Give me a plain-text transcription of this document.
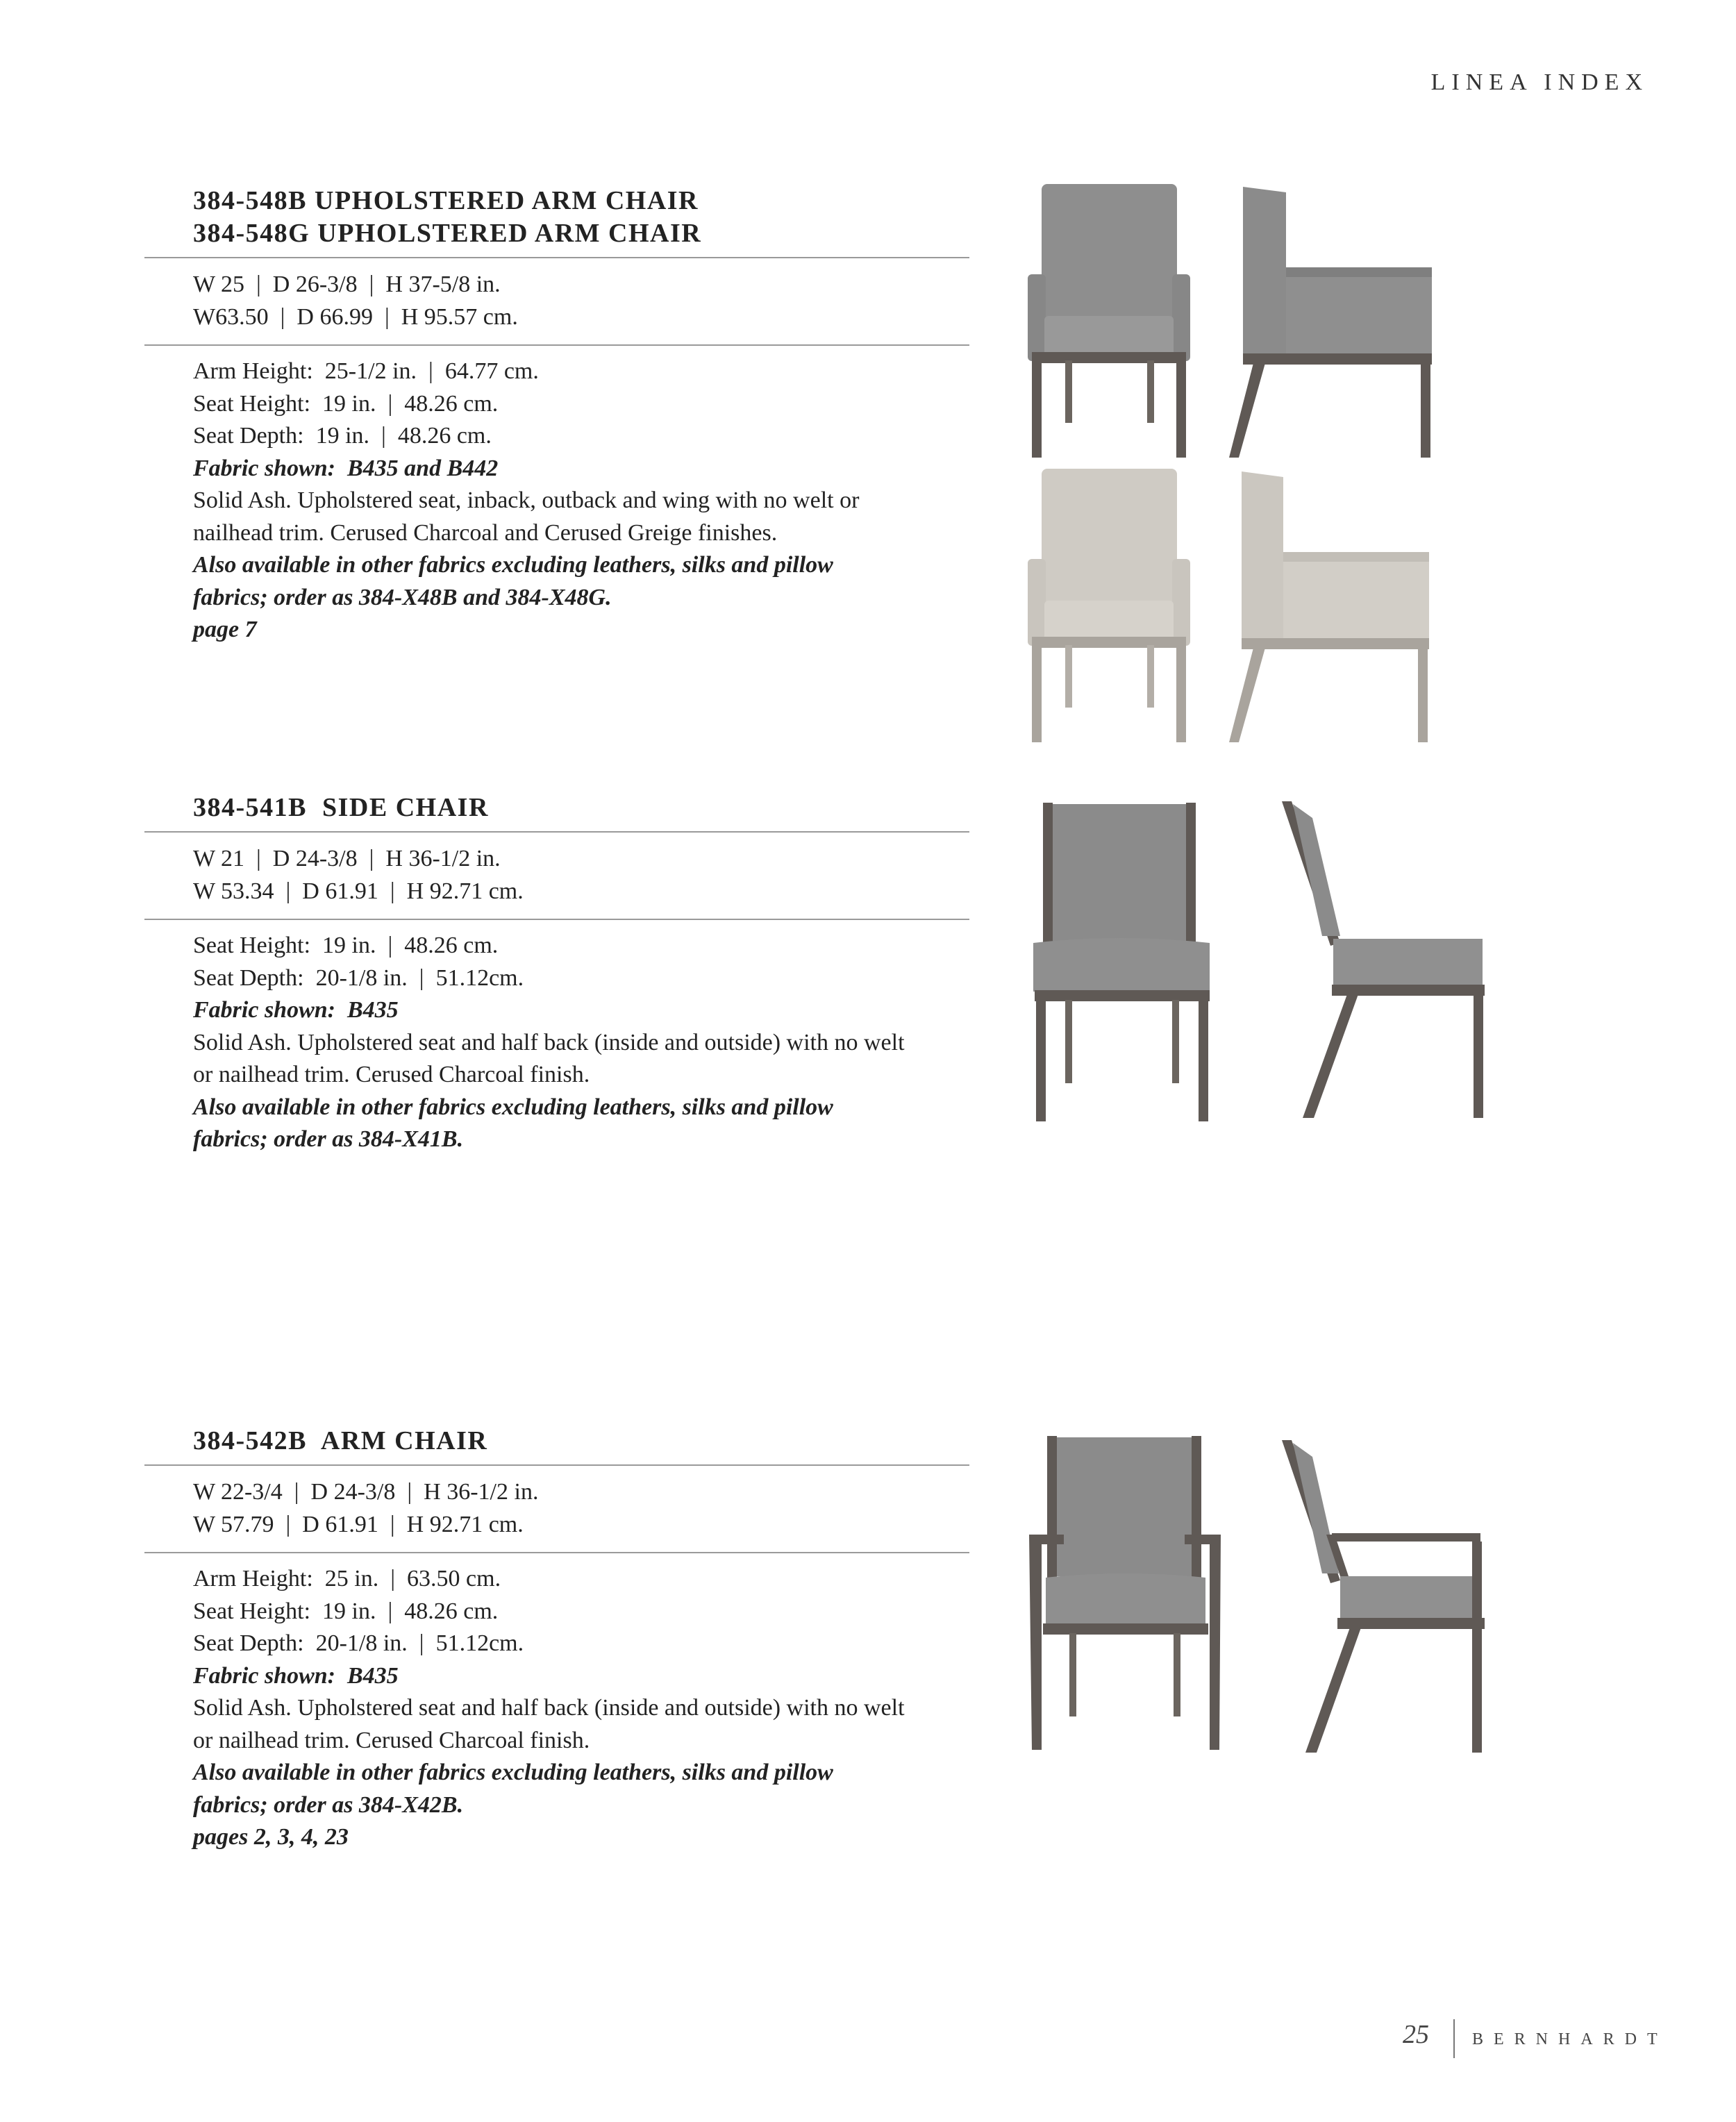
LINEA INDEX
384-548B UPHOLSTERED ARM CHAIR
384-548G UPHOLSTERED ARM CHAIR
W 25  |  D 26-3/8  |  H 37-5/8 in.
W63.50  |  D 66.99  |  H 95.57 cm.
Arm Height:  25-1/2 in.  |  64.77 cm.
Seat Height:  19 in.  |  48.26 cm.
Seat Depth:  19 in.  |  48.26 cm.
Fabric shown:  B435 and B442
Solid Ash. Upholstered seat, inback, outback and wing with no welt or
nailhead trim. Cerused Charcoal and Cerused Greige finishes.
Also available in other fabrics excluding leathers, silks and pillow
fabrics; order as 384-X48B and 384-X48G.
page 7
384-541B  SIDE CHAIR
W 21  |  D 24-3/8  |  H 36-1/2 in.
W 53.34  |  D 61.91  |  H 92.71 cm.
Seat Height:  19 in.  |  48.26 cm.
Seat Depth:  20-1/8 in.  |  51.12cm.
Fabric shown:  B435
Solid Ash. Upholstered seat and half back (inside and outside) with no welt
or nailhead trim. Cerused Charcoal finish.
Also available in other fabrics excluding leathers, silks and pillow
fabrics; order as 384-X41B.
384-542B  ARM CHAIR
W 22-3/4  |  D 24-3/8  |  H 36-1/2 in.
W 57.79  |  D 61.91  |  H 92.71 cm.
Arm Height:  25 in.  |  63.50 cm.
Seat Height:  19 in.  |  48.26 cm.
Seat Depth:  20-1/8 in.  |  51.12cm.
Fabric shown:  B435
Solid Ash. Upholstered seat and half back (inside and outside) with no welt
or nailhead trim. Cerused Charcoal finish.
Also available in other fabrics excluding leathers, silks and pillow
fabrics; order as 384-X42B.
pages 2, 3, 4, 23
25	BERNHARDT
